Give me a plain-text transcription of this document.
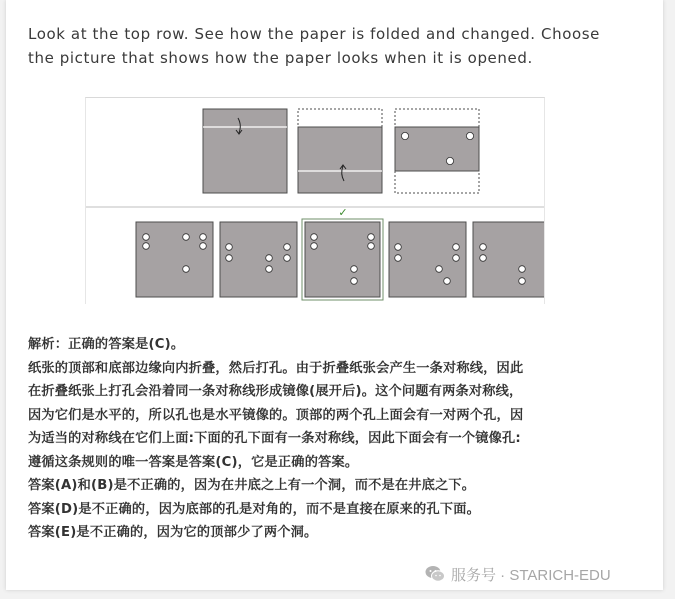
Look at the top row. See how the paper is folded and changed. Choose
the picture that shows how the paper looks when it is opened.
✓
解析：正确的答案是(C)。
纸张的顶部和底部边缘向内折叠，然后打孔。由于折叠纸张会产生一条对称线，因此
在折叠纸张上打孔会沿着同一条对称线形成镜像(展开后)。这个问题有两条对称线，
因为它们是水平的，所以孔也是水平镜像的。顶部的两个孔上面会有一对两个孔，因
为适当的对称线在它们上面:下面的孔下面有一条对称线，因此下面会有一个镜像孔:
遵循这条规则的唯一答案是答案(C)，它是正确的答案。
答案(A)和(B)是不正确的，因为在井底之上有一个洞，而不是在井底之下。
答案(D)是不正确的，因为底部的孔是对角的，而不是直接在原来的孔下面。
答案(E)是不正确的，因为它的顶部少了两个洞。
服务号 · STARICH-EDU
